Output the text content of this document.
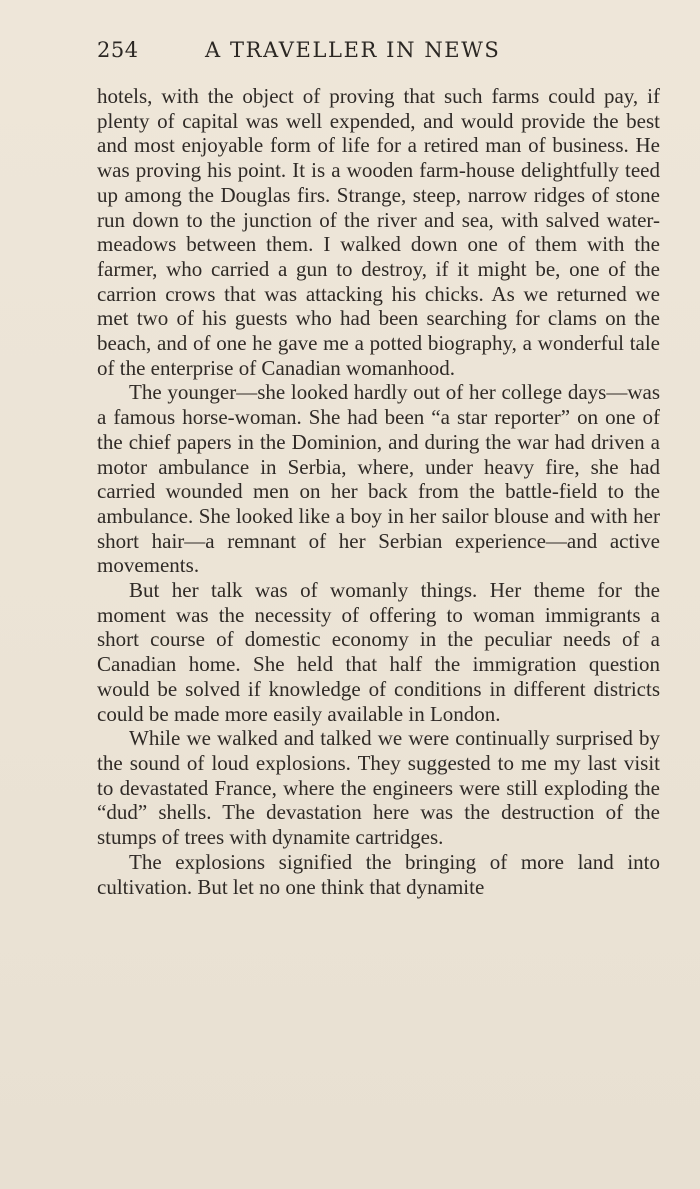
254	A TRAVELLER IN NEWS

hotels, with the object of proving that such farms could pay, if plenty of capital was well expended, and would provide the best and most enjoyable form of life for a retired man of business. He was proving his point. It is a wooden farm-house delightfully teed up among the Douglas firs. Strange, steep, narrow ridges of stone run down to the junction of the river and sea, with salved water-meadows between them. I walked down one of them with the farmer, who carried a gun to destroy, if it might be, one of the carrion crows that was attacking his chicks. As we returned we met two of his guests who had been searching for clams on the beach, and of one he gave me a potted biography, a wonderful tale of the enterprise of Canadian womanhood.

The younger—she looked hardly out of her college days—was a famous horse-woman. She had been “a star reporter” on one of the chief papers in the Dominion, and during the war had driven a motor ambulance in Serbia, where, under heavy fire, she had carried wounded men on her back from the battle-field to the ambulance. She looked like a boy in her sailor blouse and with her short hair—a remnant of her Serbian experience—and active movements.

But her talk was of womanly things. Her theme for the moment was the necessity of offering to woman immigrants a short course of domestic economy in the peculiar needs of a Canadian home. She held that half the immigration question would be solved if knowledge of conditions in different districts could be made more easily available in London.

While we walked and talked we were continually surprised by the sound of loud explosions. They suggested to me my last visit to devastated France, where the engineers were still exploding the “dud” shells. The devastation here was the destruction of the stumps of trees with dynamite cartridges.

The explosions signified the bringing of more land into cultivation. But let no one think that dynamite
